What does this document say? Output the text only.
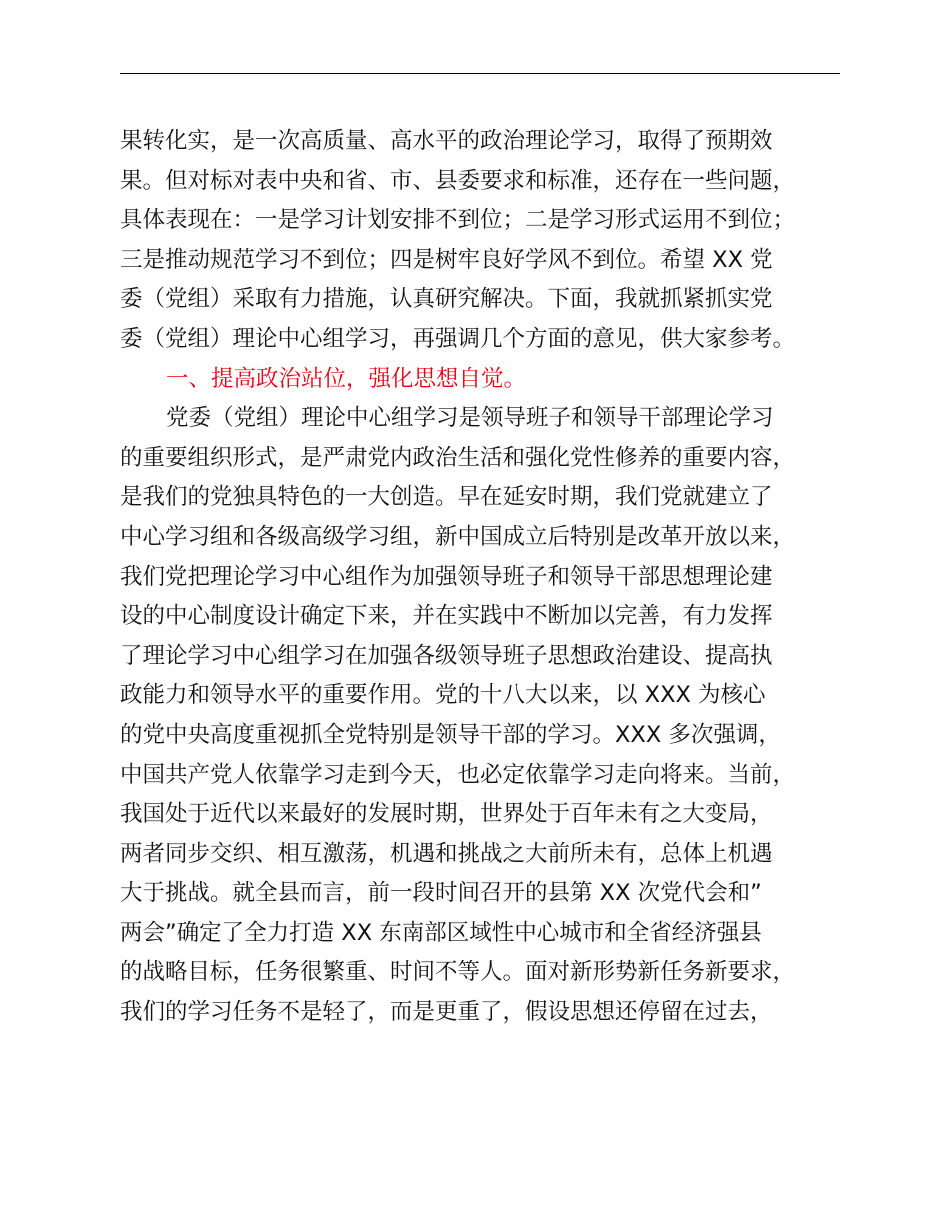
果转化实，是一次高质量、高水平的政治理论学习，取得了预期效
果。但对标对表中央和省、市、县委要求和标准，还存在一些问题，
具体表现在：一是学习计划安排不到位；二是学习形式运用不到位；
三是推动规范学习不到位；四是树牢良好学风不到位。希望 XX 党
委（党组）采取有力措施，认真研究解决。下面，我就抓紧抓实党
委（党组）理论中心组学习，再强调几个方面的意见，供大家参考。
一、提高政治站位，强化思想自觉。
党委（党组）理论中心组学习是领导班子和领导干部理论学习
的重要组织形式，是严肃党内政治生活和强化党性修养的重要内容，
是我们的党独具特色的一大创造。早在延安时期，我们党就建立了
中心学习组和各级高级学习组，新中国成立后特别是改革开放以来，
我们党把理论学习中心组作为加强领导班子和领导干部思想理论建
设的中心制度设计确定下来，并在实践中不断加以完善，有力发挥
了理论学习中心组学习在加强各级领导班子思想政治建设、提高执
政能力和领导水平的重要作用。党的十八大以来，以 XXX 为核心
的党中央高度重视抓全党特别是领导干部的学习。XXX 多次强调，
中国共产党人依靠学习走到今天，也必定依靠学习走向将来。当前，
我国处于近代以来最好的发展时期，世界处于百年未有之大变局，
两者同步交织、相互激荡，机遇和挑战之大前所未有，总体上机遇
大于挑战。就全县而言，前一段时间召开的县第 XX 次党代会和”
两会”确定了全力打造 XX 东南部区域性中心城市和全省经济强县
的战略目标，任务很繁重、时间不等人。面对新形势新任务新要求，
我们的学习任务不是轻了，而是更重了，假设思想还停留在过去，
